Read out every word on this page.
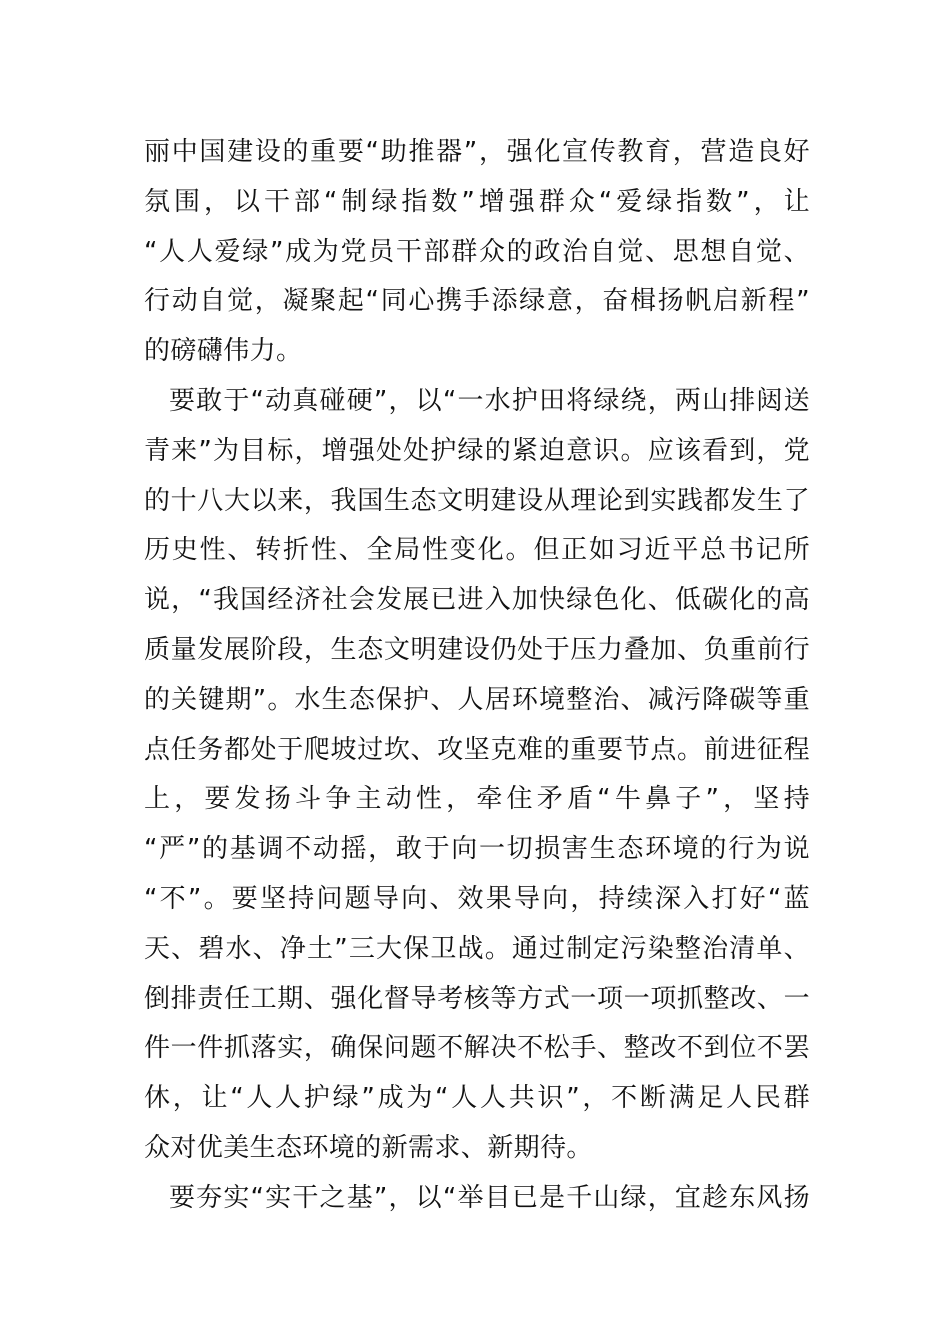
丽中国建设的重要“助推器”，强化宣传教育，营造良好
氛围，以干部“制绿指数”增强群众“爱绿指数”，让
“人人爱绿”成为党员干部群众的政治自觉、思想自觉、
行动自觉，凝聚起“同心携手添绿意，奋楫扬帆启新程”
的磅礴伟力。
要敢于“动真碰硬”，以“一水护田将绿绕，两山排闼送
青来”为目标，增强处处护绿的紧迫意识。应该看到，党
的十八大以来，我国生态文明建设从理论到实践都发生了
历史性、转折性、全局性变化。但正如习近平总书记所
说，“我国经济社会发展已进入加快绿色化、低碳化的高
质量发展阶段，生态文明建设仍处于压力叠加、负重前行
的关键期”。水生态保护、人居环境整治、减污降碳等重
点任务都处于爬坡过坎、攻坚克难的重要节点。前进征程
上，要发扬斗争主动性，牵住矛盾“牛鼻子”，坚持
“严”的基调不动摇，敢于向一切损害生态环境的行为说
“不”。要坚持问题导向、效果导向，持续深入打好“蓝
天、碧水、净土”三大保卫战。通过制定污染整治清单、
倒排责任工期、强化督导考核等方式一项一项抓整改、一
件一件抓落实，确保问题不解决不松手、整改不到位不罢
休，让“人人护绿”成为“人人共识”，不断满足人民群
众对优美生态环境的新需求、新期待。
要夯实“实干之基”，以“举目已是千山绿，宜趁东风扬
